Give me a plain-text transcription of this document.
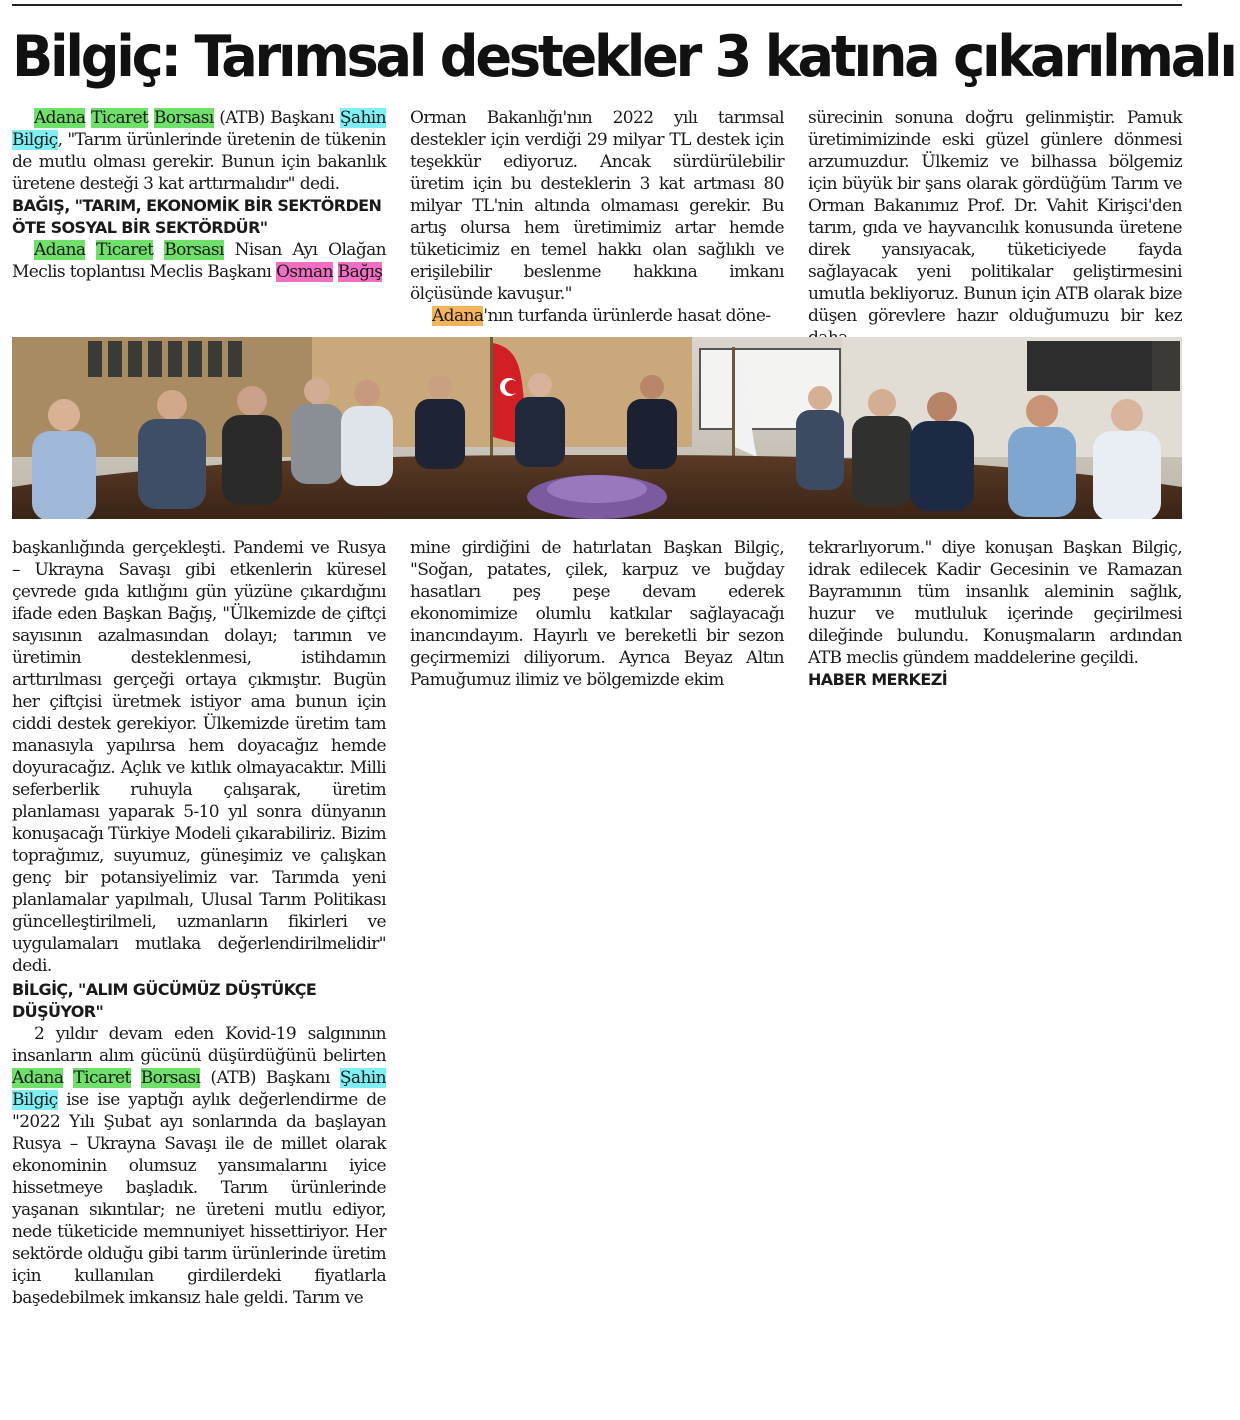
Bilgiç: Tarımsal destekler 3 katına çıkarılmalı

Adana Ticaret Borsası (ATB) Başkanı Şahin Bilgiç, "Tarım ürünlerinde üretenin de tükenin de mutlu olması gerekir. Bunun için bakanlık üretene desteği 3 kat arttırmalıdır" dedi.

BAĞIŞ, "TARIM, EKONOMİK BİR SEKTÖRDEN ÖTE SOSYAL BİR SEKTÖRDÜR"

Adana Ticaret Borsası Nisan Ayı Olağan Meclis toplantısı Meclis Başkanı Osman Bağış

Orman Bakanlığı'nın 2022 yılı tarımsal destekler için verdiği 29 milyar TL destek için teşekkür ediyoruz. Ancak sürdürülebilir üretim için bu desteklerin 3 kat artması 80 milyar TL'nin altında olmaması gerekir. Bu artış olursa hem üretimimiz artar hemde tüketicimiz en temel hakkı olan sağlıklı ve erişilebilir beslenme hakkına imkanı ölçüsünde kavuşur."

Adana'nın turfanda ürünlerde hasat döne-

sürecinin sonuna doğru gelinmiştir. Pamuk üretimimizinde eski güzel günlere dönmesi arzumuzdur. Ülkemiz ve bilhassa bölgemiz için büyük bir şans olarak gördüğüm Tarım ve Orman Bakanımız Prof. Dr. Vahit Kirişci'den tarım, gıda ve hayvancılık konusunda üretene direk yansıyacak, tüketiciyede fayda sağlayacak yeni politikalar geliştirmesini umutla bekliyoruz. Bunun için ATB olarak bize düşen görevlere hazır olduğumuzu bir kez

başkanlığında gerçekleşti. Pandemi ve Rusya – Ukrayna Savaşı gibi etkenlerin küresel çevrede gıda kıtlığını gün yüzüne çıkardığını ifade eden Başkan Bağış, "Ülkemizde de çiftçi sayısının azalmasından dolayı; tarımın ve üretimin desteklenmesi, istihdamın arttırılması gerçeği ortaya çıkmıştır. Bugün her çiftçisi üretmek istiyor ama bunun için ciddi destek gerekiyor. Ülkemizde üretim tam manasıyla yapılırsa hem doyacağız hemde doyuracağız. Açlık ve kıtlık olmayacaktır. Milli seferberlik ruhuyla çalışarak, üretim planlaması yaparak 5-10 yıl sonra dünyanın konuşacağı Türkiye Modeli çıkarabiliriz. Bizim toprağımız, suyumuz, güneşimiz ve çalışkan genç bir potansiyelimiz var. Tarımda yeni planlamalar yapılmalı, Ulusal Tarım Politikası güncelleştirilmeli, uzmanların fikirleri ve uygulamaları mutlaka değerlendirilmelidir" dedi.

BİLGİÇ, "ALIM GÜCÜMÜZ DÜŞTÜKÇE DÜŞÜYOR"

2 yıldır devam eden Kovid-19 salgınının insanların alım gücünü düşürdüğünü belirten Adana Ticaret Borsası (ATB) Başkanı Şahin Bilgiç ise ise yaptığı aylık değerlendirme de "2022 Yılı Şubat ayı sonlarında da başlayan Rusya – Ukrayna Savaşı ile de millet olarak ekonominin olumsuz yansımalarını iyice hissetmeye başladık. Tarım ürünlerinde yaşanan sıkıntılar; ne üreteni mutlu ediyor, nede tüketicide memnuniyet hissettiriyor. Her sektörde olduğu gibi tarım ürünlerinde üretim için kullanılan girdilerdeki fiyatlarla başedebilmek imkansız hale geldi. Tarım ve

mine girdiğini de hatırlatan Başkan Bilgiç, "Soğan, patates, çilek, karpuz ve buğday hasatları peş peşe devam ederek ekonomimize olumlu katkılar sağlayacağı inancındayım. Hayırlı ve bereketli bir sezon geçirmemizi diliyorum. Ayrıca Beyaz Altın Pamuğumuz ilimiz ve bölgemizde ekim

tekrarlıyorum." diye konuşan Başkan Bilgiç, idrak edilecek Kadir Gecesinin ve Ramazan Bayramının tüm insanlık aleminin sağlık, huzur ve mutluluk içerinde geçirilmesi dileğinde bulundu. Konuşmaların ardından ATB meclis gündem maddelerine geçildi.

HABER MERKEZİ
